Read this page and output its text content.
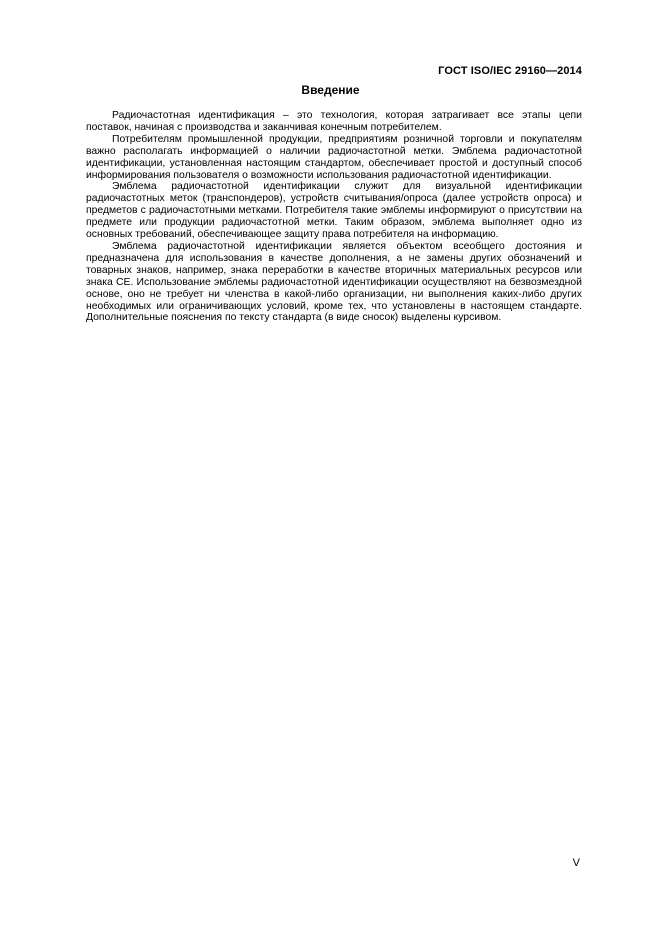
ГОСТ ISO/IEC 29160—2014
Введение

Радиочастотная идентификация – это технология, которая затрагивает все этапы цепи поставок, начиная с производства и заканчивая конечным потребителем.

Потребителям промышленной продукции, предприятиям розничной торговли и покупателям важно располагать информацией о наличии радиочастотной метки. Эмблема радиочастотной идентификации, установленная настоящим стандартом, обеспечивает простой и доступный способ информирования пользователя о возможности использования радиочастотной идентификации.

Эмблема радиочастотной идентификации служит для визуальной идентификации радиочастотных меток (транспондеров), устройств считывания/опроса (далее устройств опроса) и предметов с радиочастотными метками. Потребителя такие эмблемы информируют о присутствии на предмете или продукции радиочастотной метки. Таким образом, эмблема выполняет одно из основных требований, обеспечивающее защиту права потребителя на информацию.

Эмблема радиочастотной идентификации является объектом всеобщего достояния и предназначена для использования в качестве дополнения, а не замены других обозначений и товарных знаков, например, знака переработки в качестве вторичных материальных ресурсов или знака СЕ. Использование эмблемы радиочастотной идентификации осуществляют на безвозмездной основе, оно не требует ни членства в какой-либо организации, ни выполнения каких-либо других необходимых или ограничивающих условий, кроме тех, что установлены в настоящем стандарте. Дополнительные пояснения по тексту стандарта (в виде сносок) выделены курсивом.

V
